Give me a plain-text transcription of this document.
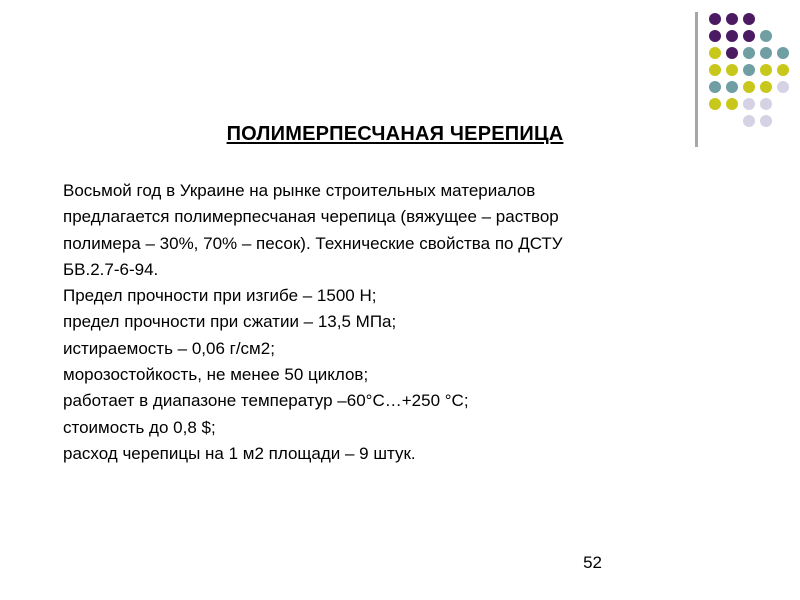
ПОЛИМЕРПЕСЧАНАЯ ЧЕРЕПИЦА
Восьмой год в Украине на рынке строительных материалов
предлагается полимерпесчаная черепица (вяжущее – раствор
полимера – 30%, 70% – песок). Технические свойства по ДСТУ
БВ.2.7-6-94.
Предел прочности при изгибе – 1500 Н;
предел прочности при сжатии – 13,5 МПа;
истираемость – 0,06 г/см2;
морозостойкость, не менее 50 циклов;
работает в диапазоне температур –60°С…+250 °С;
стоимость до 0,8 $;
расход черепицы на 1 м2 площади – 9 штук.
52
